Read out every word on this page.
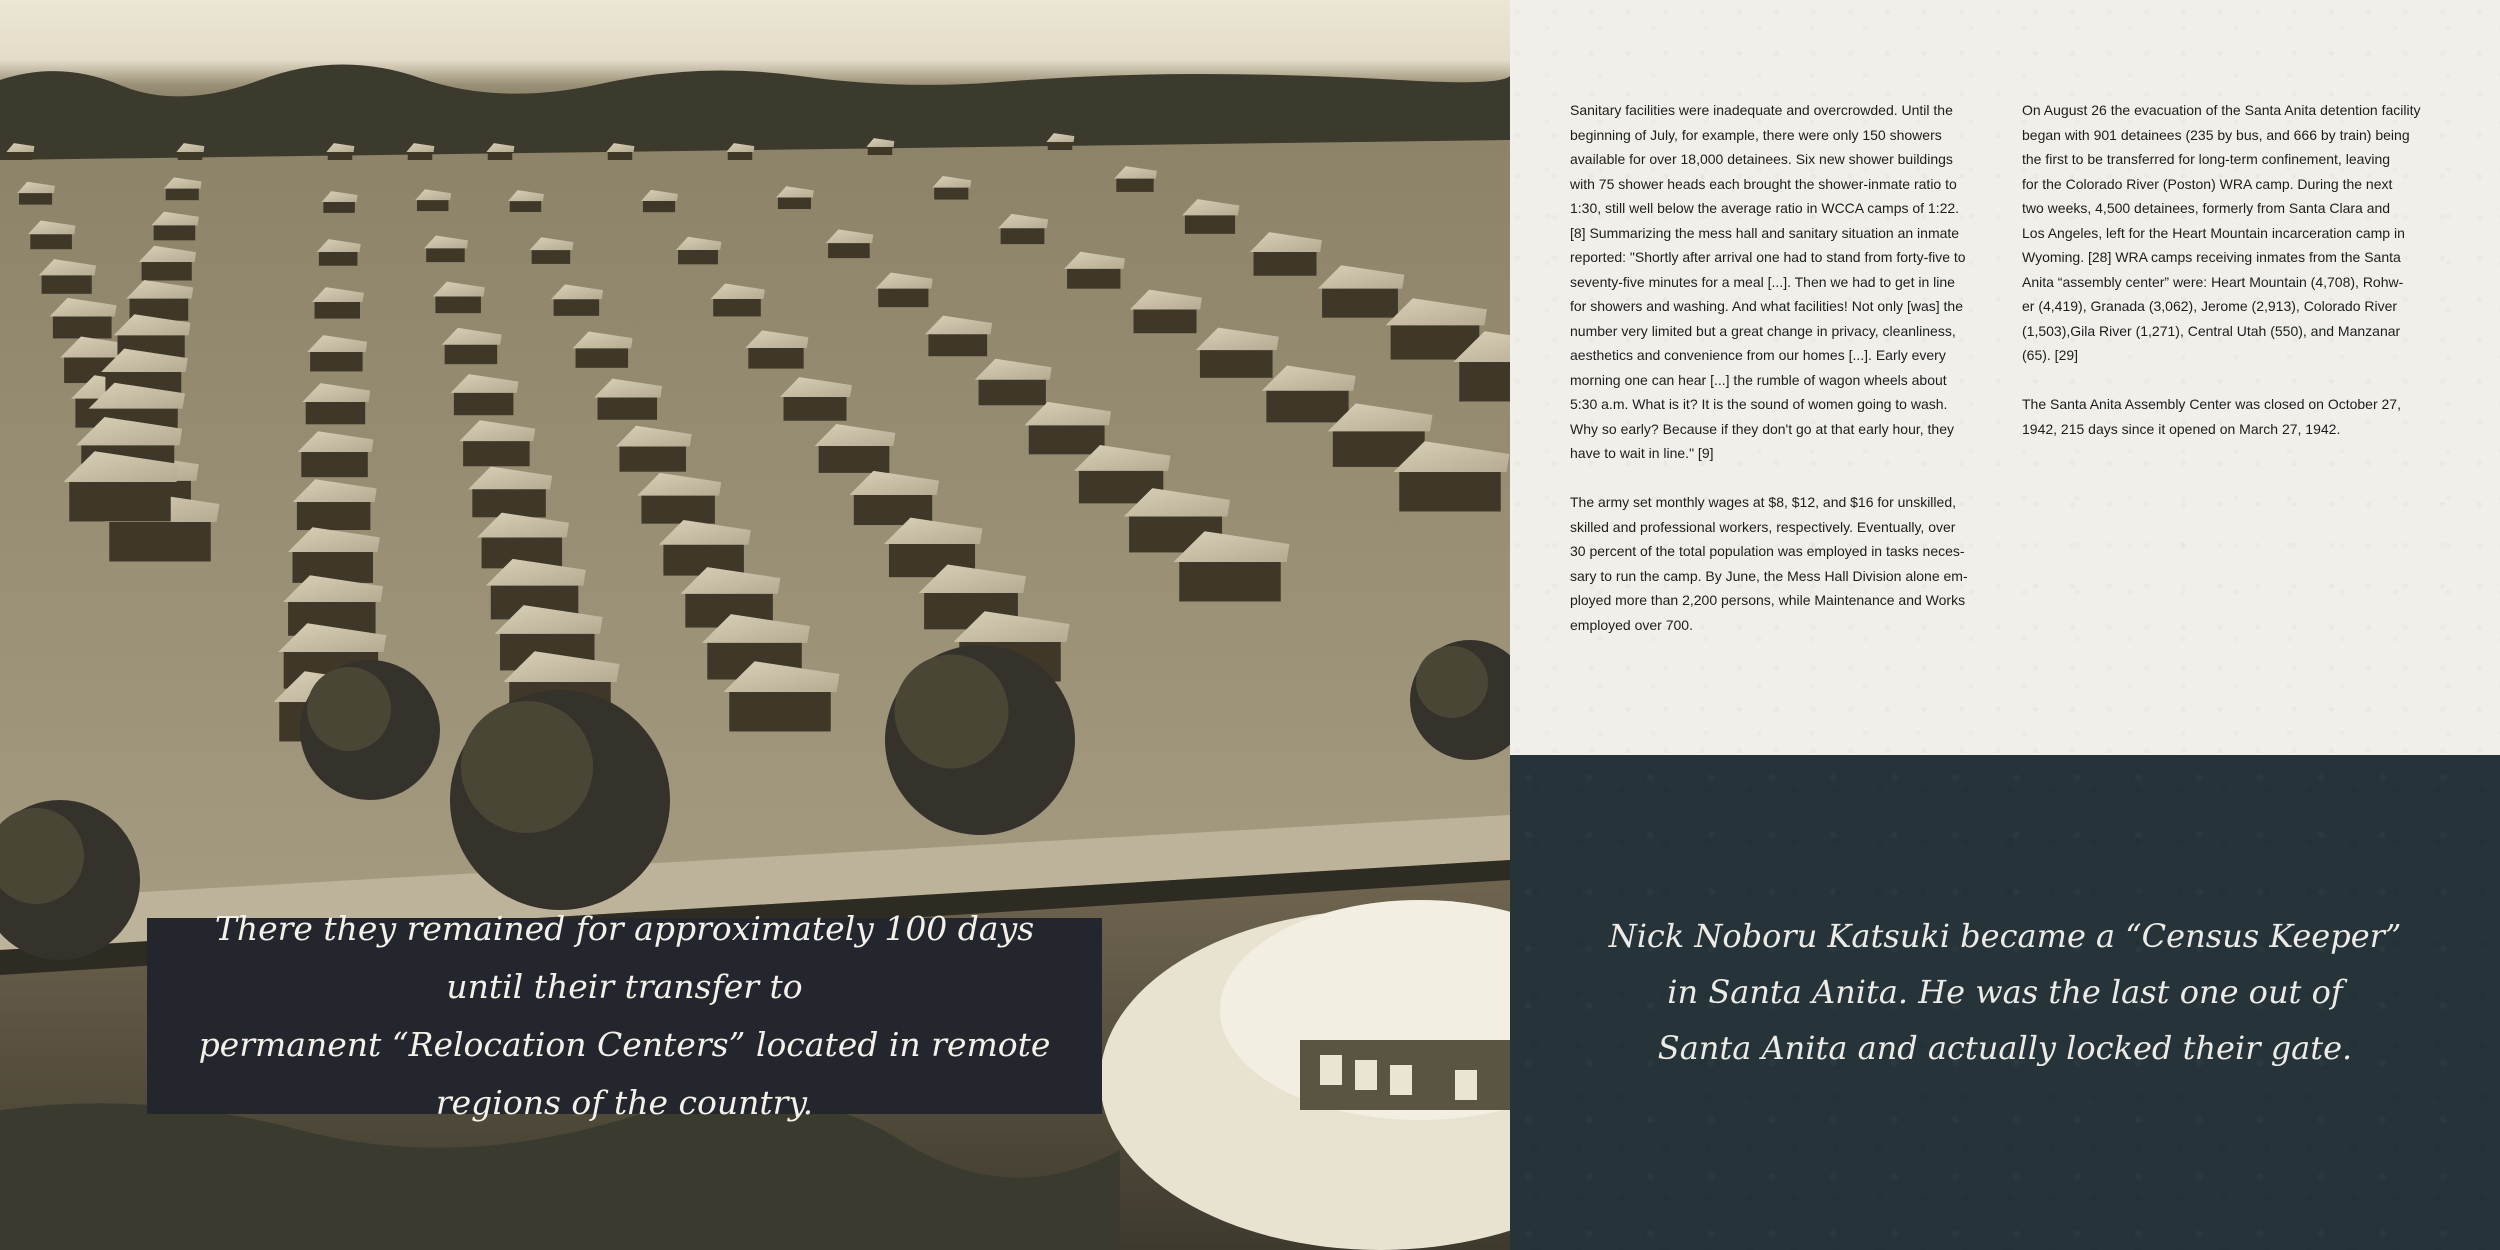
There they remained for approximately 100 days until their transfer to
permanent “Relocation Centers” located in remote regions of the country.

Sanitary facilities were inadequate and overcrowded. Until the
beginning of July, for example, there were only 150 showers
available for over 18,000 detainees. Six new shower buildings
with 75 shower heads each brought the shower-inmate ratio to
1:30, still well below the average ratio in WCCA camps of 1:22.
[8] Summarizing the mess hall and sanitary situation an inmate
reported: "Shortly after arrival one had to stand from forty-five to
seventy-five minutes for a meal [...]. Then we had to get in line
for showers and washing. And what facilities! Not only [was] the
number very limited but a great change in privacy, cleanliness,
aesthetics and convenience from our homes [...]. Early every
morning one can hear [...] the rumble of wagon wheels about
5:30 a.m. What is it? It is the sound of women going to wash.
Why so early? Because if they don't go at that early hour, they
have to wait in line." [9]

The army set monthly wages at $8, $12, and $16 for unskilled,
skilled and professional workers, respectively. Eventually, over
30 percent of the total population was employed in tasks neces-
sary to run the camp. By June, the Mess Hall Division alone em-
ployed more than 2,200 persons, while Maintenance and Works
employed over 700.

On August 26 the evacuation of the Santa Anita detention facility
began with 901 detainees (235 by bus, and 666 by train) being
the first to be transferred for long-term confinement, leaving
for the Colorado River (Poston) WRA camp. During the next
two weeks, 4,500 detainees, formerly from Santa Clara and
Los Angeles, left for the Heart Mountain incarceration camp in
Wyoming. [28] WRA camps receiving inmates from the Santa
Anita “assembly center” were: Heart Mountain (4,708), Rohw-
er (4,419), Granada (3,062), Jerome (2,913), Colorado River
(1,503),Gila River (1,271), Central Utah (550), and Manzanar
(65). [29]

The Santa Anita Assembly Center was closed on October 27,
1942, 215 days since it opened on March 27, 1942.

Nick Noboru Katsuki became a “Census Keeper”
in Santa Anita. He was the last one out of
Santa Anita and actually locked their gate.
